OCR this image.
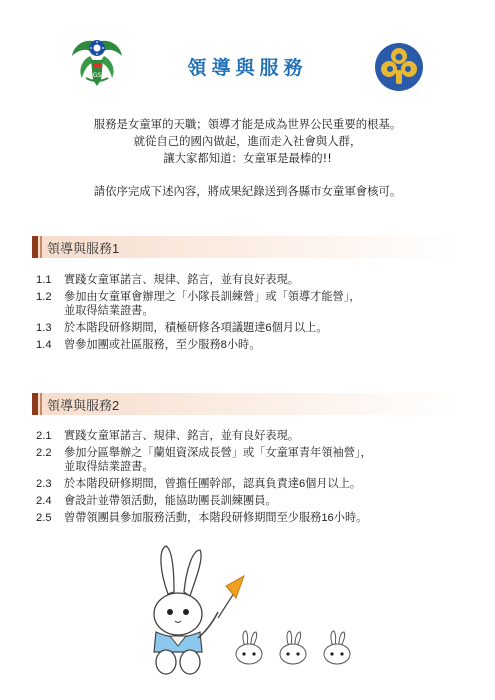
GS	領導與服務
服務是女童軍的天職；領導才能是成為世界公民重要的根基。
就從自己的國內做起，進而走入社會與人群，
讓大家都知道：女童軍是最棒的!!
請依序完成下述內容，將成果紀錄送到各縣市女童軍會核可。
領導與服務1
1.1 實踐女童軍諾言、規律、銘言，並有良好表現。
1.2 參加由女童軍會辦理之「小隊長訓練營」或「領導才能營」，
並取得結業證書。
1.3 於本階段研修期間，積極研修各項議題達6個月以上。
1.4 曾參加團或社區服務，至少服務8小時。
領導與服務2
2.1 實踐女童軍諾言、規律、銘言，並有良好表現。
2.2 參加分區舉辦之「蘭姐資深成長營」或「女童軍青年領袖營」，
並取得結業證書。
2.3 於本階段研修期間，曾擔任團幹部，認真負責達6個月以上。
2.4 會設計並帶領活動，能協助團長訓練團員。
2.5 曾帶領團員參加服務活動，本階段研修期間至少服務16小時。
